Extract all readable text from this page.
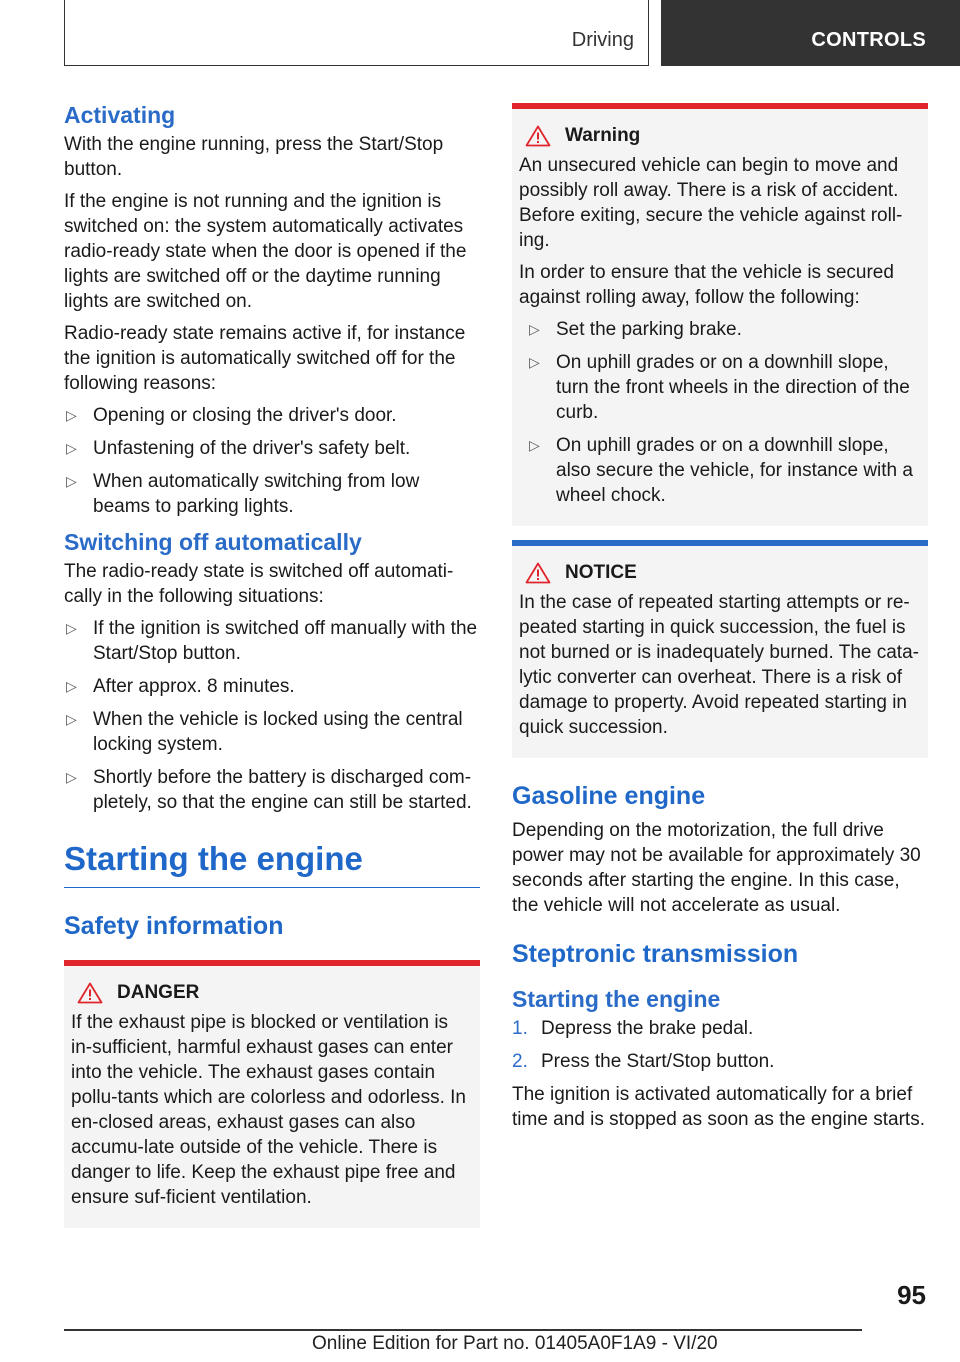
Driving	CONTROLS
Activating

With the engine running, press the Start/Stop button.

If the engine is not running and the ignition is switched on: the system automatically activates radio-ready state when the door is opened if the lights are switched off or the daytime running lights are switched on.

Radio-ready state remains active if, for instance the ignition is automatically switched off for the following reasons:

▷ Opening or closing the driver's door.
▷ Unfastening of the driver's safety belt.
▷ When automatically switching from low beams to parking lights.
Switching off automatically

The radio-ready state is switched off automati-cally in the following situations:

▷ If the ignition is switched off manually with the Start/Stop button.
▷ After approx. 8 minutes.
▷ When the vehicle is locked using the central locking system.
▷ Shortly before the battery is discharged com-pletely, so that the engine can still be started.
Starting the engine
Safety information
DANGER

If the exhaust pipe is blocked or ventilation is in-sufficient, harmful exhaust gases can enter into the vehicle. The exhaust gases contain pollu-tants which are colorless and odorless. In en-closed areas, exhaust gases can also accumu-late outside of the vehicle. There is danger to life. Keep the exhaust pipe free and ensure suf-ficient ventilation.

Warning

An unsecured vehicle can begin to move and possibly roll away. There is a risk of accident. Before exiting, secure the vehicle against roll-ing.

In order to ensure that the vehicle is secured against rolling away, follow the following:

▷ Set the parking brake.
▷ On uphill grades or on a downhill slope, turn the front wheels in the direction of the curb.
▷ On uphill grades or on a downhill slope, also secure the vehicle, for instance with a wheel chock.
NOTICE

In the case of repeated starting attempts or re-peated starting in quick succession, the fuel is not burned or is inadequately burned. The cata-lytic converter can overheat. There is a risk of damage to property. Avoid repeated starting in quick succession.

Gasoline engine

Depending on the motorization, the full drive power may not be available for approximately 30 seconds after starting the engine. In this case, the vehicle will not accelerate as usual.

Steptronic transmission
Starting the engine
1. Depress the brake pedal.
2. Press the Start/Stop button.

The ignition is activated automatically for a brief time and is stopped as soon as the engine starts.

95
Online Edition for Part no. 01405A0F1A9 - VI/20
